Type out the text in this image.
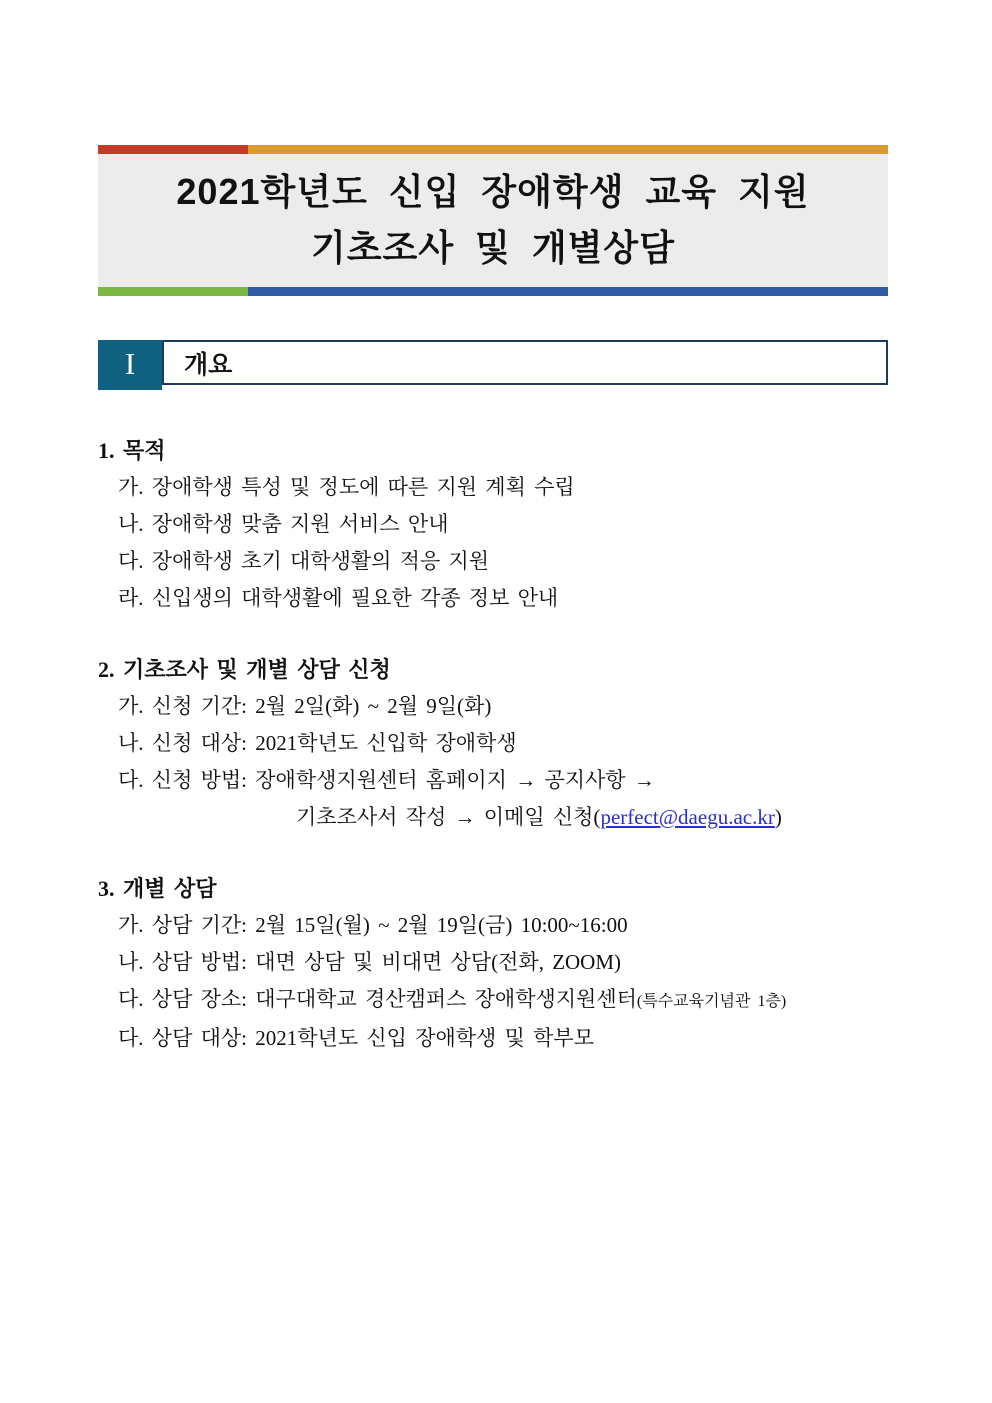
2021학년도 신입 장애학생 교육 지원
기초조사 및 개별상담
I	개요
1. 목적
가. 장애학생 특성 및 정도에 따른 지원 계획 수립
나. 장애학생 맞춤 지원 서비스 안내
다. 장애학생 초기 대학생활의 적응 지원
라. 신입생의 대학생활에 필요한 각종 정보 안내
2. 기초조사 및 개별 상담 신청
가. 신청 기간: 2월 2일(화) ~ 2월 9일(화)
나. 신청 대상: 2021학년도 신입학 장애학생
다. 신청 방법: 장애학생지원센터 홈페이지 → 공지사항 →
기초조사서 작성 → 이메일 신청(perfect@daegu.ac.kr)
3. 개별 상담
가. 상담 기간: 2월 15일(월) ~ 2월 19일(금) 10:00~16:00
나. 상담 방법: 대면 상담 및 비대면 상담(전화, ZOOM)
다. 상담 장소: 대구대학교 경산캠퍼스 장애학생지원센터(특수교육기념관 1층)
다. 상담 대상: 2021학년도 신입 장애학생 및 학부모
